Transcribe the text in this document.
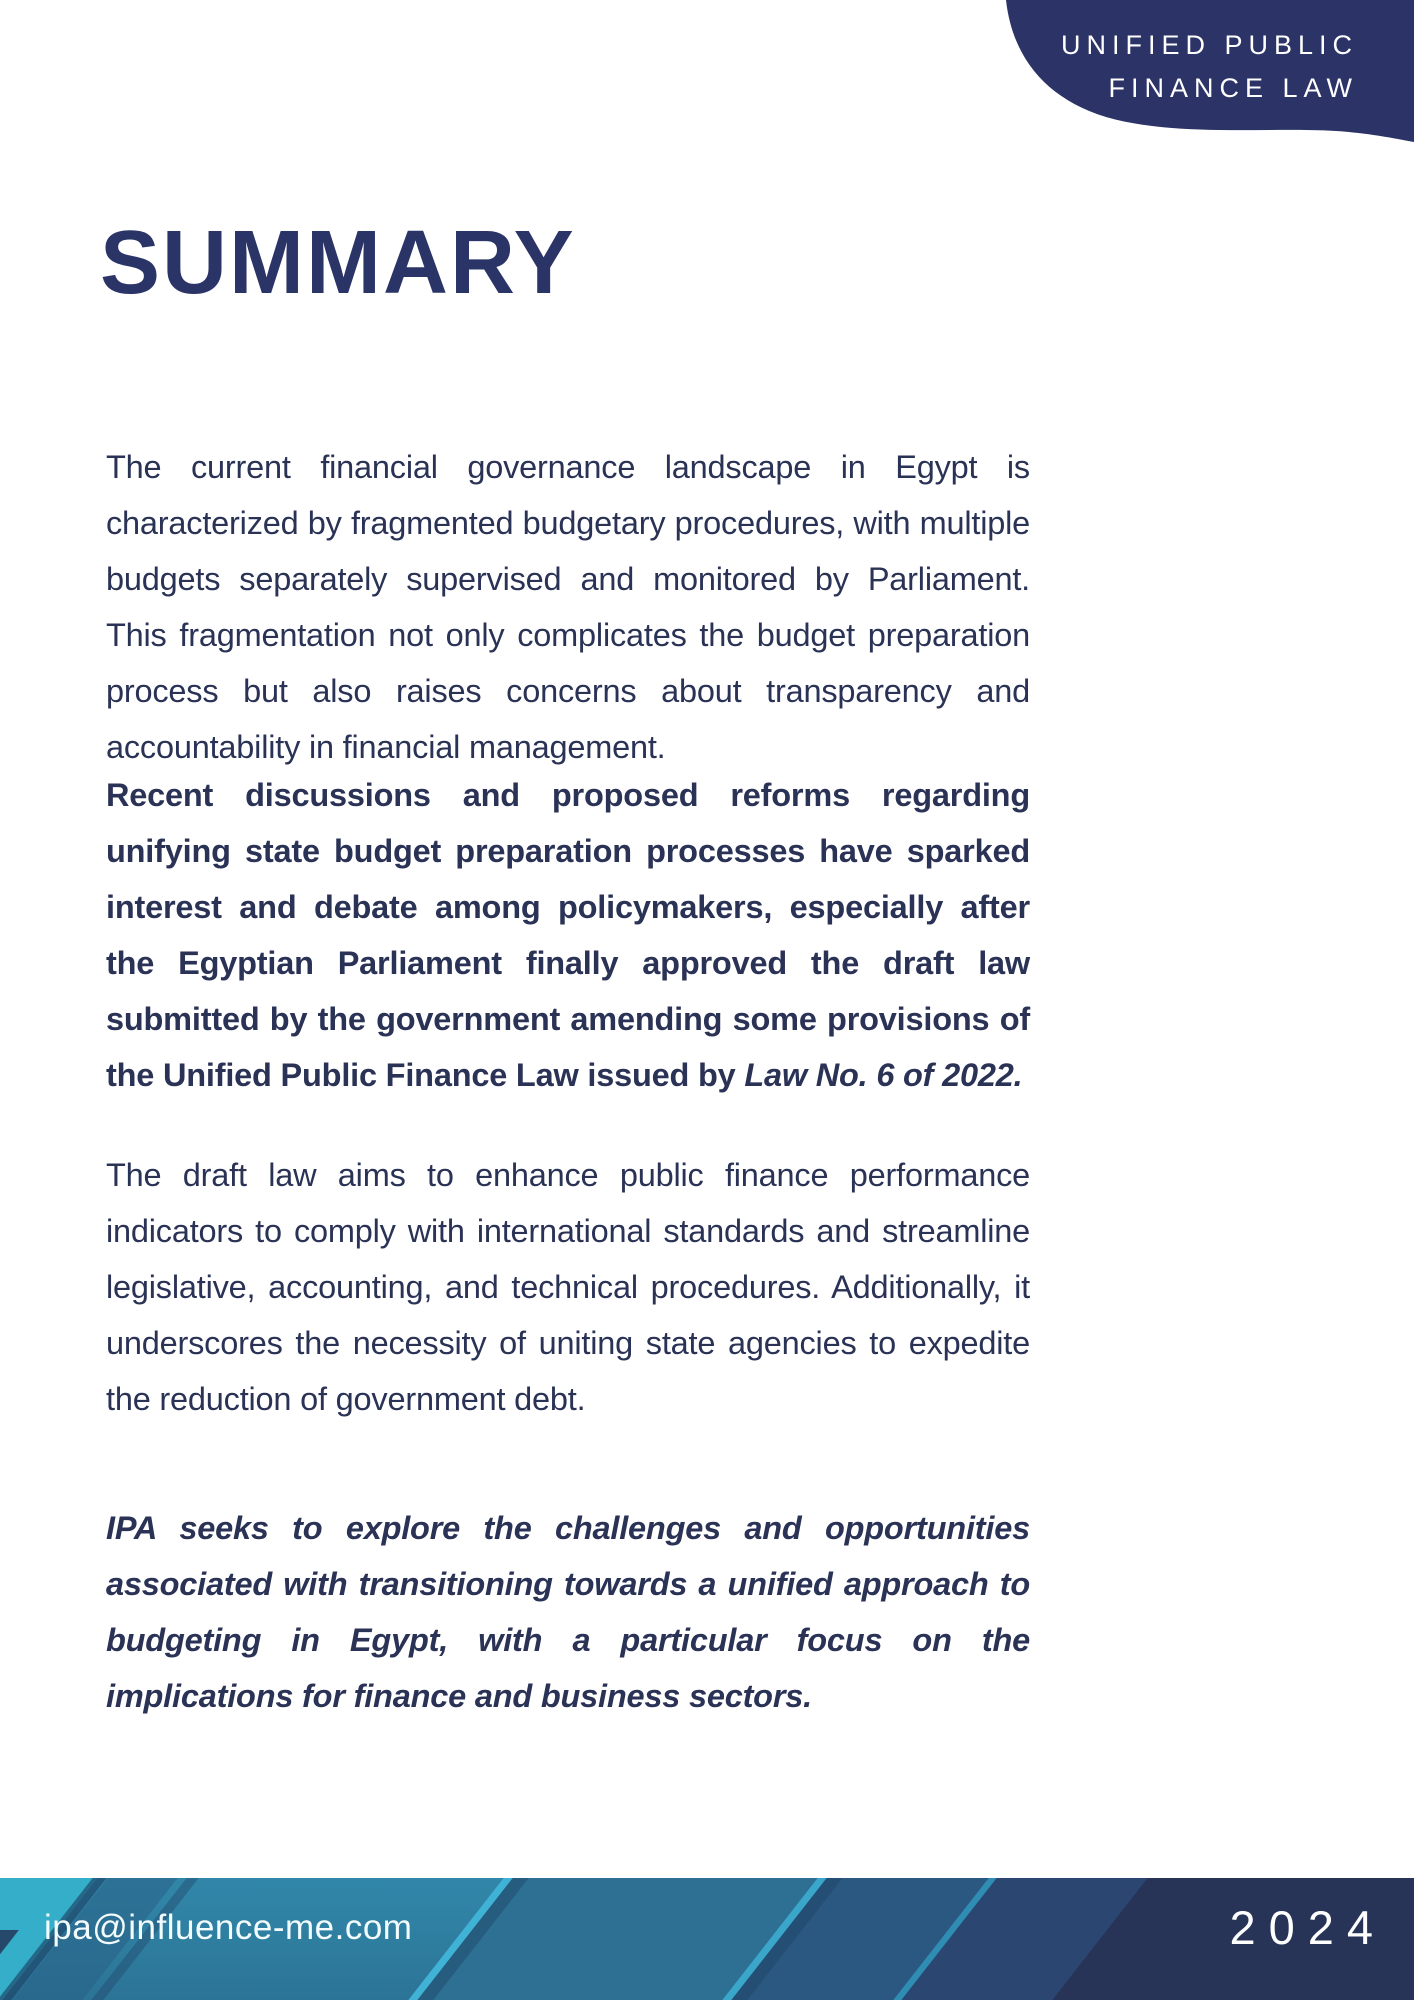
UNIFIED PUBLIC
FINANCE LAW
SUMMARY

The current financial governance landscape in Egypt is characterized by fragmented budgetary procedures, with multiple budgets separately supervised and monitored by Parliament. This fragmentation not only complicates the budget preparation process but also raises concerns about transparency and accountability in financial management.

Recent discussions and proposed reforms regarding unifying state budget preparation processes have sparked interest and debate among policymakers, especially after the Egyptian Parliament finally approved the draft law submitted by the government amending some provisions of the Unified Public Finance Law issued by Law No. 6 of 2022.

The draft law aims to enhance public finance performance indicators to comply with international standards and streamline legislative, accounting, and technical procedures. Additionally, it underscores the necessity of uniting state agencies to expedite the reduction of government debt.

IPA seeks to explore the challenges and opportunities associated with transitioning towards a unified approach to budgeting in Egypt, with a particular focus on the implications for finance and business sectors.

ipa@influence-me.com	2024
